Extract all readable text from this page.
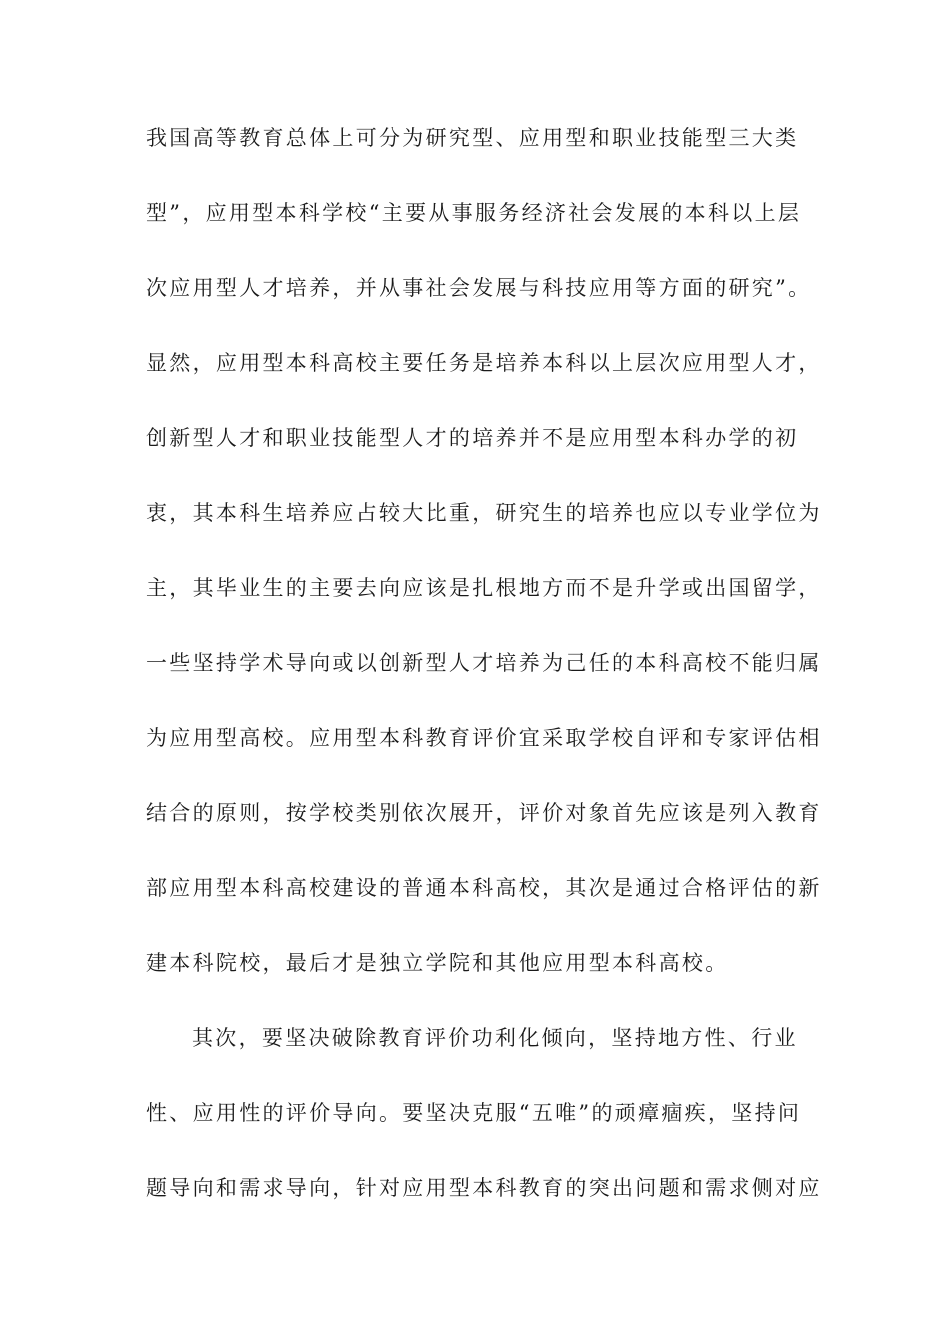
我国高等教育总体上可分为研究型、应用型和职业技能型三大类
型”，应用型本科学校“主要从事服务经济社会发展的本科以上层
次应用型人才培养，并从事社会发展与科技应用等方面的研究”。
显然，应用型本科高校主要任务是培养本科以上层次应用型人才，
创新型人才和职业技能型人才的培养并不是应用型本科办学的初
衷，其本科生培养应占较大比重，研究生的培养也应以专业学位为
主，其毕业生的主要去向应该是扎根地方而不是升学或出国留学，
一些坚持学术导向或以创新型人才培养为己任的本科高校不能归属
为应用型高校。应用型本科教育评价宜采取学校自评和专家评估相
结合的原则，按学校类别依次展开，评价对象首先应该是列入教育
部应用型本科高校建设的普通本科高校，其次是通过合格评估的新
建本科院校，最后才是独立学院和其他应用型本科高校。
其次，要坚决破除教育评价功利化倾向，坚持地方性、行业
性、应用性的评价导向。要坚决克服“五唯”的顽瘴痼疾，坚持问
题导向和需求导向，针对应用型本科教育的突出问题和需求侧对应
